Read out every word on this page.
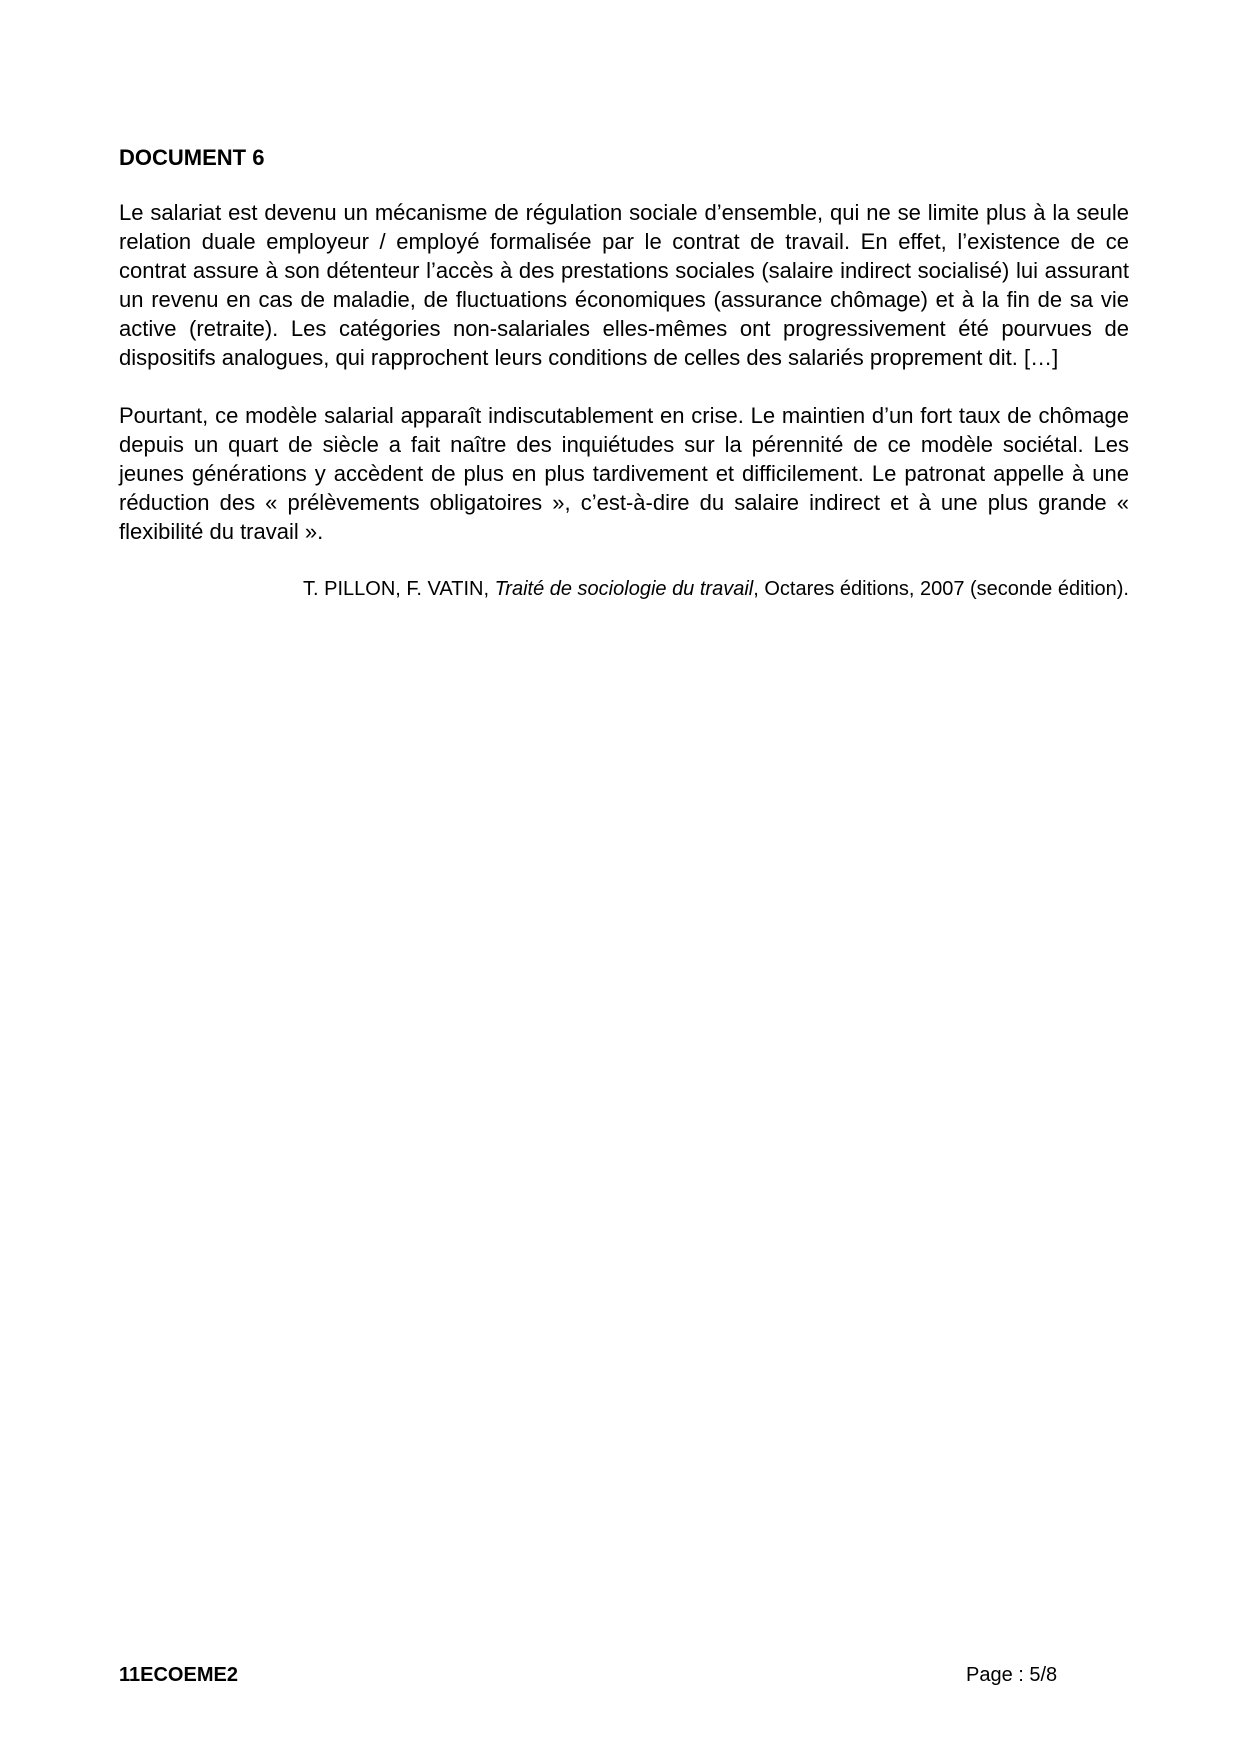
DOCUMENT 6

Le salariat est devenu un mécanisme de régulation sociale d’ensemble, qui ne se limite plus à la seule relation duale employeur / employé formalisée par le contrat de travail. En effet, l’existence de ce contrat assure à son détenteur l’accès à des prestations sociales (salaire indirect socialisé) lui assurant un revenu en cas de maladie, de fluctuations économiques (assurance chômage) et à la fin de sa vie active (retraite). Les catégories non-salariales elles-mêmes ont progressivement été pourvues de dispositifs analogues, qui rapprochent leurs conditions de celles des salariés proprement dit. […]

Pourtant, ce modèle salarial apparaît indiscutablement en crise. Le maintien d’un fort taux de chômage depuis un quart de siècle a fait naître des inquiétudes sur la pérennité de ce modèle sociétal. Les jeunes générations y accèdent de plus en plus tardivement et difficilement. Le patronat appelle à une réduction des « prélèvements obligatoires », c’est-à-dire du salaire indirect et à une plus grande « flexibilité du travail ».

T. PILLON, F. VATIN, Traité de sociologie du travail, Octares éditions, 2007 (seconde édition).

11ECOEME2	Page : 5/8
